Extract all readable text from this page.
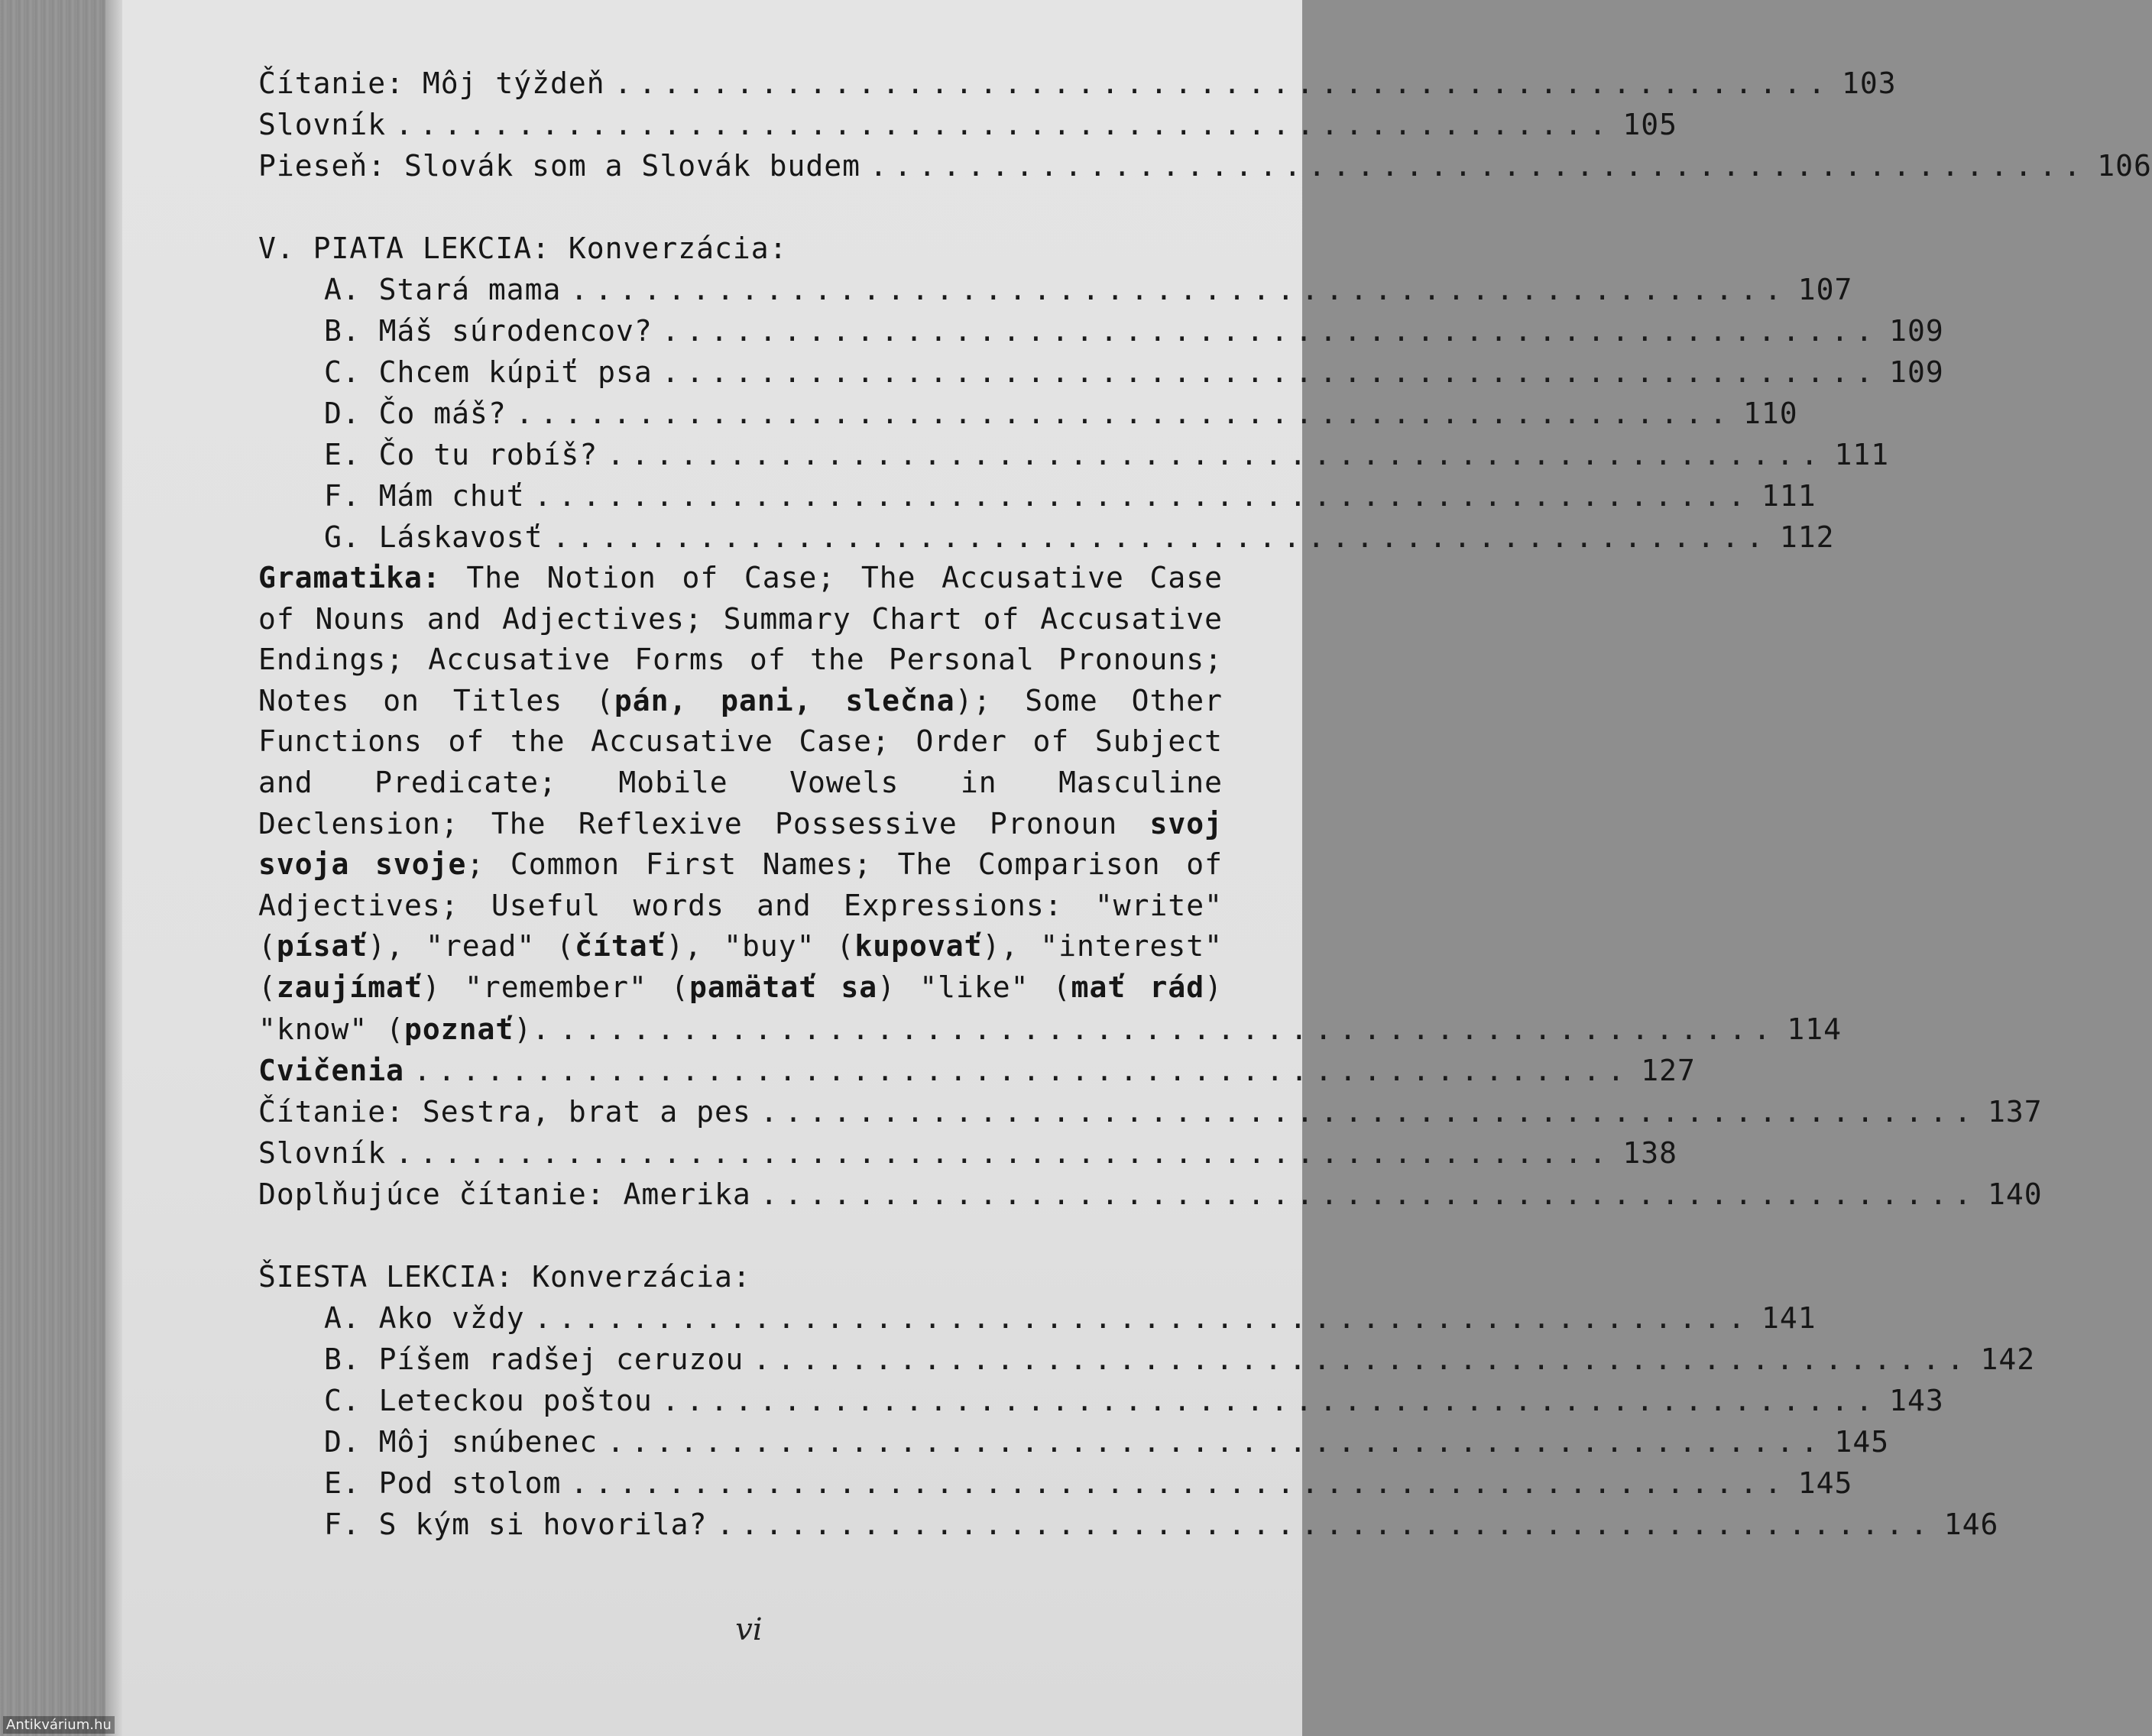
Čítanie: Môj týždeň .................................................. 103
Slovník .................................................. 105
Pieseň: Slovák som a Slovák budem .................................................. 106
V. PIATA LEKCIA: Konverzácia:
A. Stará mama .................................................. 107
B. Máš súrodencov? .................................................. 109
C. Chcem kúpiť psa .................................................. 109
D. Čo máš? .................................................. 110
E. Čo tu robíš? .................................................. 111
F. Mám chuť .................................................. 111
G. Láskavosť .................................................. 112

Gramatika: The Notion of Case; The Accusative Case of Nouns and Adjectives; Summary Chart of Accusative Endings; Accusative Forms of the Personal Pronouns; Notes on Titles (pán, pani, slečna); Some Other Functions of the Accusative Case; Order of Subject and Predicate; Mobile Vowels in Masculine Declension; The Reflexive Possessive Pronoun svoj svoja svoje; Common First Names; The Comparison of Adjectives; Useful words and Expressions: "write" (písať), "read" (čítať), "buy" (kupovať), "interest" (zaujímať) "remember" (pamätať sa) "like" (mať rád)

"know" (poznať). .................................................. 114
Cvičenia .................................................. 127
Čítanie: Sestra, brat a pes .................................................. 137
Slovník .................................................. 138
Doplňujúce čítanie: Amerika .................................................. 140
ŠIESTA LEKCIA: Konverzácia:
A. Ako vždy .................................................. 141
B. Píšem radšej ceruzou .................................................. 142
C. Leteckou poštou .................................................. 143
D. Môj snúbenec .................................................. 145
E. Pod stolom .................................................. 145
F. S kým si hovorila? .................................................. 146
vi
Antikvárium.hu
